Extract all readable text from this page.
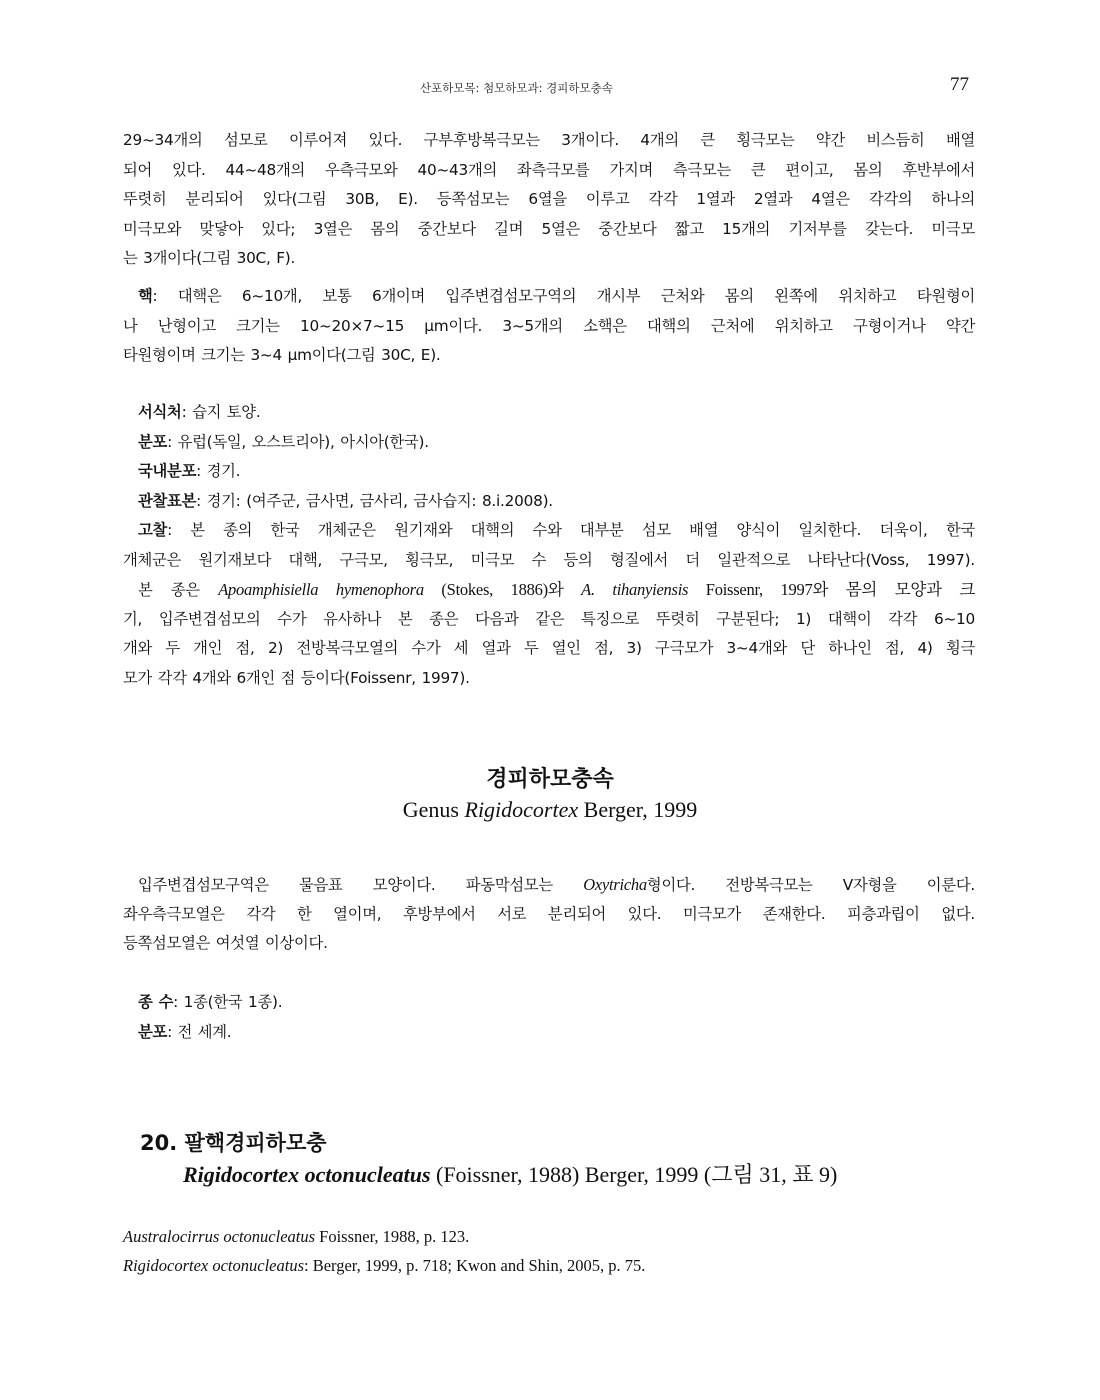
산포하모목: 첨모하모과: 경피하모충속	77
29~34개의 섬모로 이루어져 있다. 구부후방복극모는 3개이다. 4개의 큰 횡극모는 약간 비스듬히 배열
되어 있다. 44~48개의 우측극모와 40~43개의 좌측극모를 가지며 측극모는 큰 편이고, 몸의 후반부에서
뚜렷히 분리되어 있다(그림 30B, E). 등쪽섬모는 6열을 이루고 각각 1열과 2열과 4열은 각각의 하나의
미극모와 맞닿아 있다; 3열은 몸의 중간보다 길며 5열은 중간보다 짧고 15개의 기저부를 갖는다. 미극모
는 3개이다(그림 30C, F).
핵: 대핵은 6~10개, 보통 6개이며 입주변겹섬모구역의 개시부 근처와 몸의 왼쪽에 위치하고 타원형이
나 난형이고 크기는 10~20×7~15 μm이다. 3~5개의 소핵은 대핵의 근처에 위치하고 구형이거나 약간
타원형이며 크기는 3~4 μm이다(그림 30C, E).
서식처: 습지 토양.
분포: 유럽(독일, 오스트리아), 아시아(한국).
국내분포: 경기.
관찰표본: 경기: (여주군, 금사면, 금사리, 금사습지: 8.i.2008).
고찰: 본 종의 한국 개체군은 원기재와 대핵의 수와 대부분 섬모 배열 양식이 일치한다. 더욱이, 한국
개체군은 원기재보다 대핵, 구극모, 횡극모, 미극모 수 등의 형질에서 더 일관적으로 나타난다(Voss, 1997).
본 종은 Apoamphisiella hymenophora (Stokes, 1886)와 A. tihanyiensis Foissenr, 1997와 몸의 모양과 크
기, 입주변겹섬모의 수가 유사하나 본 종은 다음과 같은 특징으로 뚜렷히 구분된다; 1) 대핵이 각각 6~10
개와 두 개인 점, 2) 전방복극모열의 수가 세 열과 두 열인 점, 3) 구극모가 3~4개와 단 하나인 점, 4) 횡극
모가 각각 4개와 6개인 점 등이다(Foissenr, 1997).
경피하모충속
Genus Rigidocortex Berger, 1999
입주변겹섬모구역은 물음표 모양이다. 파동막섬모는 Oxytricha형이다. 전방복극모는 V자형을 이룬다.
좌우측극모열은 각각 한 열이며, 후방부에서 서로 분리되어 있다. 미극모가 존재한다. 피층과립이 없다.
등쪽섬모열은 여섯열 이상이다.
종 수: 1종(한국 1종).
분포: 전 세계.
20. 팔핵경피하모충
Rigidocortex octonucleatus (Foissner, 1988) Berger, 1999 (그림 31, 표 9)
Australocirrus octonucleatus Foissner, 1988, p. 123.
Rigidocortex octonucleatus: Berger, 1999, p. 718; Kwon and Shin, 2005, p. 75.
